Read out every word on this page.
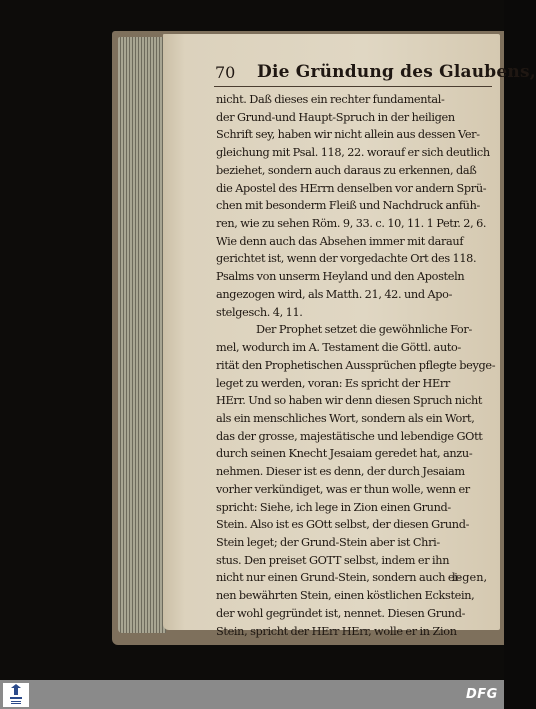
70 Die Gründung des Glaubens,
nicht. Daß dieses ein rechter fundamental-
der Grund-und Haupt-Spruch in der heiligen
Schrift sey, haben wir nicht allein aus dessen Ver-
gleichung mit Psal. 118, 22. worauf er sich deutlich
beziehet, sondern auch daraus zu erkennen, daß
die Apostel des HErrn denselben vor andern Sprü-
chen mit besonderm Fleiß und Nachdruck anfüh-
ren, wie zu sehen Röm. 9, 33. c. 10, 11. 1 Petr. 2, 6.
Wie denn auch das Absehen immer mit darauf
gerichtet ist, wenn der vorgedachte Ort des 118.
Psalms von unserm Heyland und den Aposteln
angezogen wird, als Matth. 21, 42. und Apo-
stelgesch. 4, 11.
Der Prophet setzet die gewöhnliche For-
mel, wodurch im A. Testament die Göttl. auto-
rität den Prophetischen Aussprüchen pflegte beyge-
leget zu werden, voran: Es spricht der HErr
HErr. Und so haben wir denn diesen Spruch nicht
als ein menschliches Wort, sondern als ein Wort,
das der grosse, majestätische und lebendige GOtt
durch seinen Knecht Jesaiam geredet hat, anzu-
nehmen. Dieser ist es denn, der durch Jesaiam
vorher verkündiget, was er thun wolle, wenn er
spricht: Siehe, ich lege in Zion einen Grund-
Stein. Also ist es GOtt selbst, der diesen Grund-
Stein leget; der Grund-Stein aber ist Chri-
stus. Den preiset GOTT selbst, indem er ihn
nicht nur einen Grund-Stein, sondern auch ei-
nen bewährten Stein, einen köstlichen Eckstein,
der wohl gegründet ist, nennet. Diesen Grund-
Stein, spricht der HErr HErr, wolle er in Zion
legen,
DFG
